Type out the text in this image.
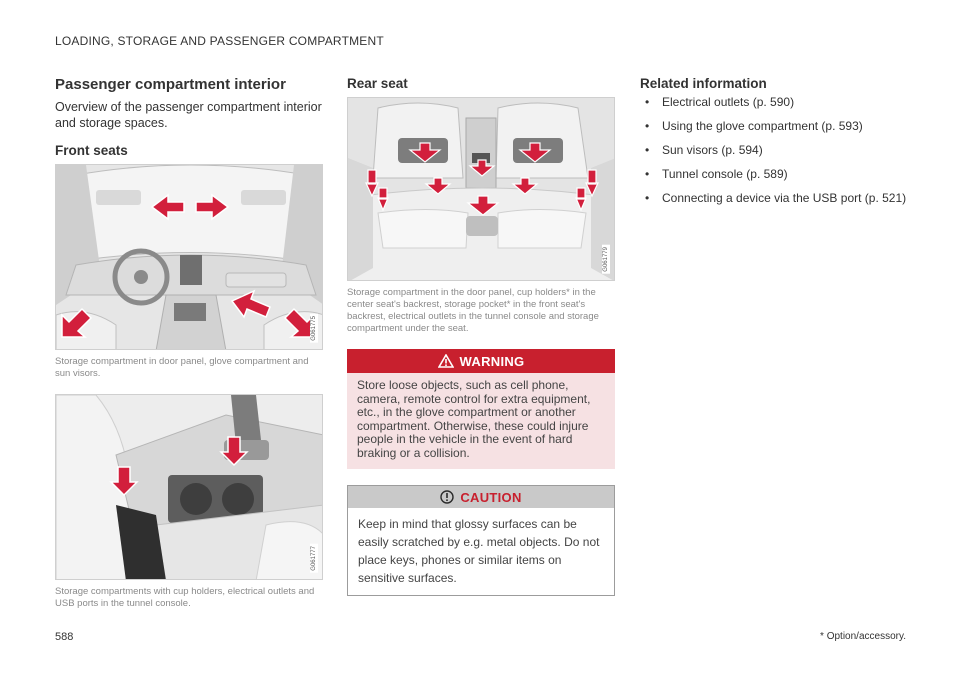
LOADING, STORAGE AND PASSENGER COMPARTMENT
Passenger compartment interior

Overview of the passenger compartment interior and storage spaces.

Front seats
G061775
Storage compartment in door panel, glove compartment and sun visors.
G061777
Storage compartments with cup holders, electrical outlets and USB ports in the tunnel console.
Rear seat
G061779
Storage compartment in the door panel, cup holders* in the center seat's backrest, storage pocket* in the front seat's backrest, electrical outlets in the tunnel console and storage compartment under the seat.
WARNING
Store loose objects, such as cell phone, camera, remote control for extra equipment, etc., in the glove compartment or another compartment. Otherwise, these could injure people in the vehicle in the event of hard braking or a collision.
CAUTION
Keep in mind that glossy surfaces can be easily scratched by e.g. metal objects. Do not place keys, phones or similar items on sensitive surfaces.
Related information
• Electrical outlets (p. 590)
• Using the glove compartment (p. 593)
• Sun visors (p. 594)
• Tunnel console (p. 589)
• Connecting a device via the USB port (p. 521)
* Option/accessory.
588
